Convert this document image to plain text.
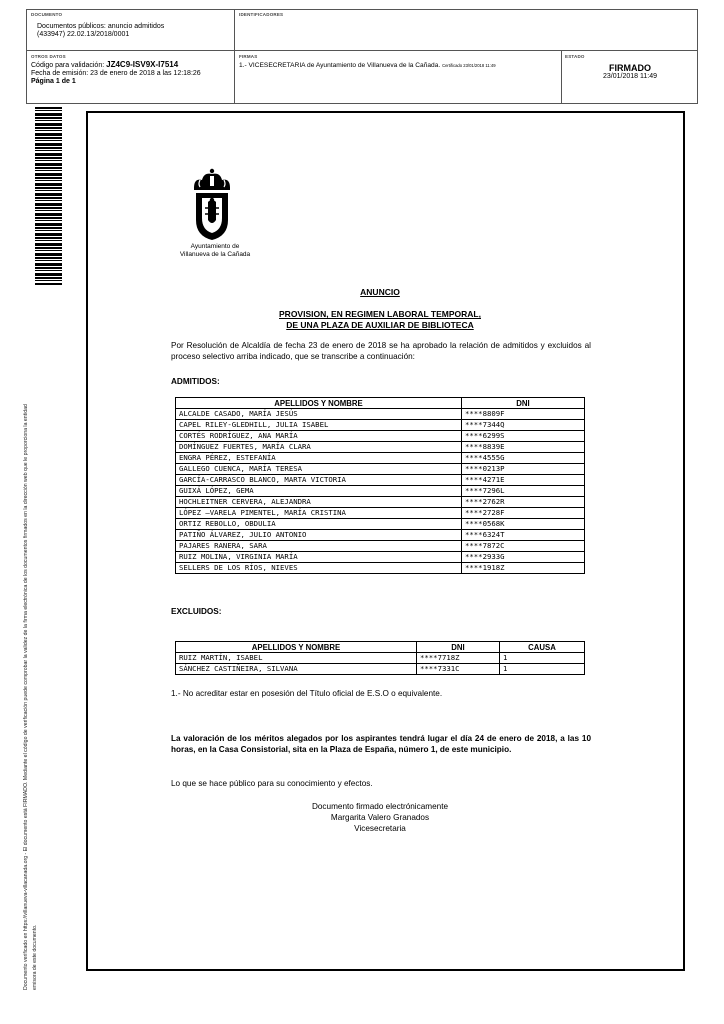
DOCUMENTO
Documentos públicos: anuncio admitidos
(433947) 22.02.13/2018/0001
IDENTIFICADORES
OTROS DATOS
Código para validación: JZ4C9-ISV9X-I7514
Fecha de emisión: 23 de enero de 2018 a las 12:18:26
Página 1 de 1
FIRMAS
1.- VICESECRETARIA de Ayuntamiento de Villanueva de la Cañada. Certificado 23/01/2018 11:49
ESTADO
FIRMADO
23/01/2018 11:49
Documento verificado en https://villanueva-villacanada.org - El documento está FIRMADO. Mediante el código de verificación puede comprobar la validez de la firma electrónica de los documentos firmados en la dirección web que le proporciona la entidad emisora de este documento.
Ayuntamiento de
Villanueva de la Cañada
ANUNCIO
PROVISION, EN REGIMEN LABORAL TEMPORAL,
DE UNA PLAZA DE AUXILIAR DE BIBLIOTECA
Por Resolución de Alcaldía de fecha 23 de enero de 2018 se ha aprobado la relación de admitidos y excluidos al proceso selectivo arriba indicado, que se transcribe a continuación:
ADMITIDOS:
APELLIDOS Y NOMBRE	DNI
ALCALDE CASADO, MARÍA JESÚS	****8809F
CAPEL RILEY-GLEDHILL, JULIA ISABEL	****7344Q
CORTÉS RODRÍGUEZ, ANA MARÍA	****6299S
DOMÍNGUEZ FUERTES, MARÍA CLARA	****8839E
ENGRA PÉREZ, ESTEFANÍA	****4555G
GALLEGO CUENCA, MARÍA TERESA	****0213P
GARCÍA-CARRASCO BLANCO, MARTA VICTORIA	****4271E
GUIXÁ LÓPEZ, GEMA	****7296L
HOCHLEITNER CERVERA, ALEJANDRA	****2762R
LÓPEZ –VARELA PIMENTEL, MARÍA CRISTINA	****2728F
ORTIZ REBOLLO, OBDULIA	****0568K
PATIÑO ÁLVAREZ, JULIO ANTONIO	****6324T
PAJARES RANERA, SARA	****7872C
RUIZ MOLINA, VIRGINIA MARÍA	****2933G
SELLERS DE LOS RÍOS, NIEVES	****1918Z
EXCLUIDOS:
APELLIDOS Y NOMBRE	DNI	CAUSA
RUIZ MARTÍN, ISABEL	****7718Z	1
SÁNCHEZ CASTIÑEIRA, SILVANA	****7331C	1
1.- No acreditar estar en posesión del Título oficial de E.S.O o equivalente.
La valoración de los méritos alegados por los aspirantes tendrá lugar el día 24 de enero de 2018, a las 10 horas, en la Casa Consistorial, sita en la Plaza de España, número 1, de este municipio.
Lo que se hace público para su conocimiento y efectos.
Documento firmado electrónicamente
Margarita Valero Granados
Vicesecretaria
